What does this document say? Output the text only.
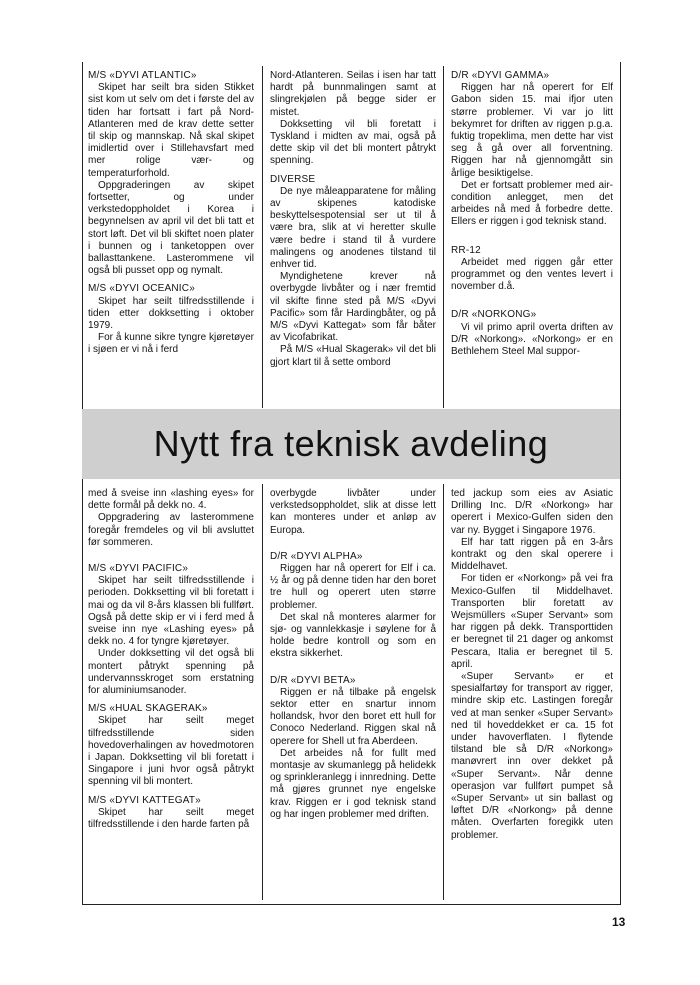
M/S «DYVI ATLANTIC»

Skipet har seilt bra siden Stikket sist kom ut selv om det i første del av tiden har fortsatt i fart på Nord-Atlanteren med de krav dette setter til skip og mannskap. Nå skal skipet imidlertid over i Stillehavsfart med mer rolige vær- og temperaturforhold.

Oppgraderingen av skipet fortsetter, og under verkstedoppholdet i Korea i begynnelsen av april vil det bli tatt et stort løft. Det vil bli skiftet noen plater i bunnen og i tanketoppen over ballasttankene. Lasterommene vil også bli pusset opp og nymalt.

M/S «DYVI OCEANIC»

Skipet har seilt tilfredsstillende i tiden etter dokksetting i oktober 1979.

For å kunne sikre tyngre kjøretøyer i sjøen er vi nå i ferd

Nord-Atlanteren. Seilas i isen har tatt hardt på bunnmalingen samt at slingrekjølen på begge sider er mistet.

Dokksetting vil bli foretatt i Tyskland i midten av mai, også på dette skip vil det bli montert påtrykt spenning.

DIVERSE

De nye måleapparatene for måling av skipenes katodiske beskyttelsespotensial ser ut til å være bra, slik at vi heretter skulle være bedre i stand til å vurdere malingens og anodenes tilstand til enhver tid.

Myndighetene krever nå overbygde livbåter og i nær fremtid vil skifte finne sted på M/S «Dyvi Pacific» som får Hardingbåter, og på M/S «Dyvi Kattegat» som får båter av Vicofabrikat.

På M/S «Hual Skagerak» vil det bli gjort klart til å sette ombord

D/R «DYVI GAMMA»

Riggen har nå operert for Elf Gabon siden 15. mai ifjor uten større problemer. Vi var jo litt bekymret for driften av riggen p.g.a. fuktig tropeklima, men dette har vist seg å gå over all forventning. Riggen har nå gjennomgått sin årlige besiktigelse.

Det er fortsatt problemer med air-condition anlegget, men det arbeides nå med å forbedre dette. Ellers er riggen i god teknisk stand.

RR-12

Arbeidet med riggen går etter programmet og den ventes levert i november d.å.

D/R «NORKONG»

Vi vil primo april overta driften av D/R «Norkong». «Norkong» er en Bethlehem Steel Mal suppor-

Nytt fra teknisk avdeling

med å sveise inn «lashing eyes» for dette formål på dekk no. 4.

Oppgradering av lasterommene foregår fremdeles og vil bli avsluttet før sommeren.

M/S «DYVI PACIFIC»

Skipet har seilt tilfredsstillende i perioden. Dokksetting vil bli foretatt i mai og da vil 8-års klassen bli fullført. Også på dette skip er vi i ferd med å sveise inn nye «Lashing eyes» på dekk no. 4 for tyngre kjøretøyer.

Under dokksetting vil det også bli montert påtrykt spenning på undervannsskroget som erstatning for aluminiumsanoder.

M/S «HUAL SKAGERAK»

Skipet har seilt meget tilfredsstillende siden hovedoverhalingen av hovedmotoren i Japan. Dokksetting vil bli foretatt i Singapore i juni hvor også påtrykt spenning vil bli montert.

M/S «DYVI KATTEGAT»

Skipet har seilt meget tilfredsstillende i den harde farten på

overbygde livbåter under verkstedsoppholdet, slik at disse lett kan monteres under et anløp av Europa.

D/R «DYVI ALPHA»

Riggen har nå operert for Elf i ca. ½ år og på denne tiden har den boret tre hull og operert uten større problemer.

Det skal nå monteres alarmer for sjø- og vannlekkasje i søylene for å holde bedre kontroll og som en ekstra sikkerhet.

D/R «DYVI BETA»

Riggen er nå tilbake på engelsk sektor etter en snartur innom hollandsk, hvor den boret ett hull for Conoco Nederland. Riggen skal nå operere for Shell ut fra Aberdeen.

Det arbeides nå for fullt med montasje av skumanlegg på helidekk og sprinkleranlegg i innredning. Dette må gjøres grunnet nye engelske krav. Riggen er i god teknisk stand og har ingen problemer med driften.

ted jackup som eies av Asiatic Drilling Inc. D/R «Norkong» har operert i Mexico-Gulfen siden den var ny. Bygget i Singapore 1976.

Elf har tatt riggen på en 3-års kontrakt og den skal operere i Middelhavet.

For tiden er «Norkong» på vei fra Mexico-Gulfen til Middelhavet. Transporten blir foretatt av Wejsmüllers «Super Servant» som har riggen på dekk. Transporttiden er beregnet til 21 dager og ankomst Pescara, Italia er beregnet til 5. april.

«Super Servant» er et spesialfartøy for transport av rigger, mindre skip etc. Lastingen foregår ved at man senker «Super Servant» ned til hoveddekket er ca. 15 fot under havoverflaten. I flytende tilstand ble så D/R «Norkong» manøvrert inn over dekket på «Super Servant». Når denne operasjon var fullført pumpet så «Super Servant» ut sin ballast og løftet D/R «Norkong» på denne måten. Overfarten foregikk uten problemer.

13
